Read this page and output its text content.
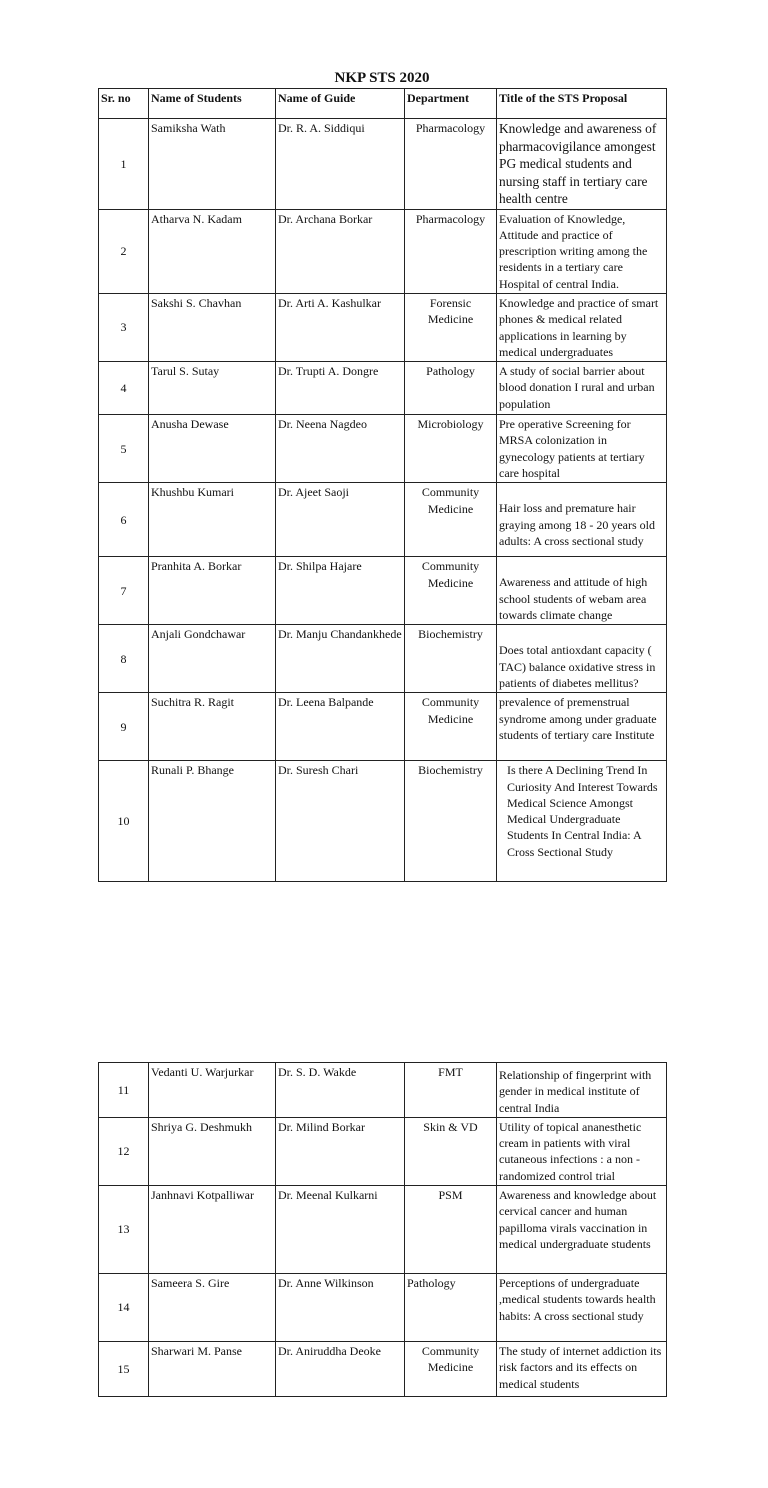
NKP STS 2020
Sr. no	Name of Students	Name of Guide	Department	Title of the STS Proposal
1	Samiksha Wath	Dr. R. A. Siddiqui	Pharmacology	Knowledge and awareness of pharmacovigilance amongest PG medical students and nursing staff in tertiary care health centre
2	Atharva N. Kadam	Dr. Archana Borkar	Pharmacology	Evaluation of Knowledge, Attitude and practice of prescription writing among the residents in a tertiary care Hospital of central India.
3	Sakshi S. Chavhan	Dr. Arti A. Kashulkar	Forensic Medicine	Knowledge and practice of smart phones & medical related applications in learning by medical undergraduates
4	Tarul S. Sutay	Dr. Trupti A. Dongre	Pathology	A study of social barrier about blood donation I rural and urban population
5	Anusha Dewase	Dr. Neena Nagdeo	Microbiology	Pre operative Screening for MRSA colonization in gynecology patients at tertiary care hospital
6	Khushbu Kumari	Dr. Ajeet Saoji	Community Medicine	Hair loss and premature hair graying among 18 - 20 years old adults: A cross sectional study
7	Pranhita A. Borkar	Dr. Shilpa Hajare	Community Medicine	Awareness and attitude of high school students of webam area towards climate change
8	Anjali Gondchawar	Dr. Manju Chandankhede	Biochemistry	Does total antioxdant capacity ( TAC) balance oxidative stress in patients of diabetes mellitus?
9	Suchitra R. Ragit	Dr. Leena Balpande	Community Medicine	prevalence of premenstrual syndrome among under graduate students of tertiary care Institute
10	Runali P. Bhange	Dr. Suresh Chari	Biochemistry	Is there A Declining Trend In Curiosity And Interest Towards Medical Science Amongst Medical Undergraduate Students In Central India: A Cross Sectional Study
11	Vedanti U. Warjurkar	Dr. S. D. Wakde	FMT	Relationship of fingerprint with gender in medical institute of central India
12	Shriya G. Deshmukh	Dr. Milind Borkar	Skin & VD	Utility of topical ananesthetic cream in patients with viral cutaneous infections : a non - randomized control trial
13	Janhnavi Kotpalliwar	Dr. Meenal Kulkarni	PSM	Awareness and knowledge about cervical cancer and human papilloma virals vaccination in medical undergraduate students
14	Sameera S. Gire	Dr. Anne Wilkinson	Pathology	Perceptions of undergraduate ,medical students towards health habits: A cross sectional study
15	Sharwari M. Panse	Dr. Aniruddha Deoke	Community Medicine	The study of internet addiction its risk factors and its effects on medical students
